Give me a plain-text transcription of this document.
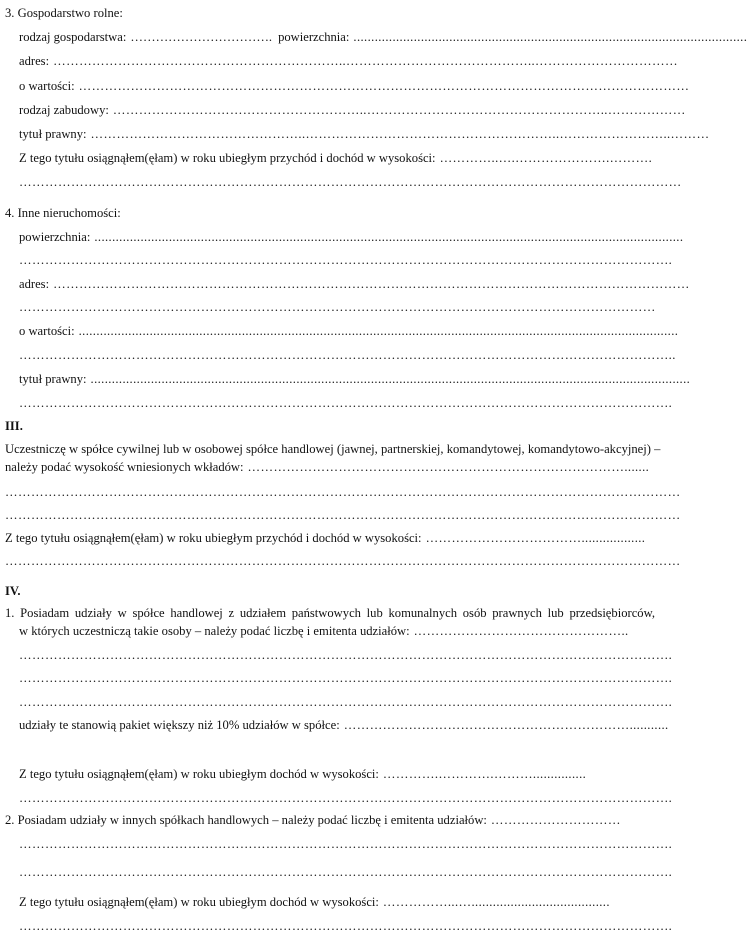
3. Gospodarstwo rolne:
rodzaj gospodarstwa: ……………………………. powierzchnia: ...............................................................................................................
adres: …………………………………………………………..……………………………………..……………………………
o wartości: ……………………………………………………………………………………………………………………………
rodzaj zabudowy: …………………………………………………..………………………………………………..………………
tytuł prawny: …………………………………………..…………………………………………………..……………………..………
Z tego tytułu osiągnąłem(ęłam) w roku ubiegłym przychód i dochód w wysokości: …………..….………………….……….
………………………………………………………………………………………………………………………………………
4. Inne nieruchomości:
powierzchnia: ......................................................................................................................................................................
…………………………………………………………………………………………………………………………………….
adres: …………………………………………………………………………………………………………………………………
…………………………………………………………………………………………………………………………………
o wartości: .........................................................................................................................................................................
……………………………………………………………………………………………………………………………………..
tytuł prawny: .........................................................................................................................................................................
…………………………………………………………………………………………………………………………………….
III.
Uczestniczę w spółce cywilnej lub w osobowej spółce handlowej (jawnej, partnerskiej, komandytowej, komandytowo-akcyjnej) –
należy podać wysokość wniesionych wkładów: …………………………………………………………………………….......
…………………………………………………………………………………………………………………………………………
…………………………………………………………………………………………………………………………………………
Z tego tytułu osiągnąłem(ęłam) w roku ubiegłym przychód i dochód w wysokości: ………………………………..................
…………………………………………………………………………………………………………………………………………
IV.
1. Posiadam udziały w spółce handlowej z udziałem państwowych lub komunalnych osób prawnych lub przedsiębiorców,
w których uczestniczą takie osoby – należy podać liczbę i emitenta udziałów: …………………………………………..
…………………………………………………………………………………………………………………………………….
…………………………………………………………………………………………………………………………………….
…………………………………………………………………………………………………………………………………….
udziały te stanowią pakiet większy niż 10% udziałów w spółce: …………………………………………………………...........
Z tego tytułu osiągnąłem(ęłam) w roku ubiegłym dochód w wysokości: ………….………….………...............
…………………………………………………………………………………………………………………………………….
2. Posiadam udziały w innych spółkach handlowych – należy podać liczbę i emitenta udziałów: …………………………
…………………………………………………………………………………………………………………………………….
…………………………………………………………………………………………………………………………………….
Z tego tytułu osiągnąłem(ęłam) w roku ubiegłym dochód w wysokości: ……………...….......................................
…………………………………………………………………………………………………………………………………….
